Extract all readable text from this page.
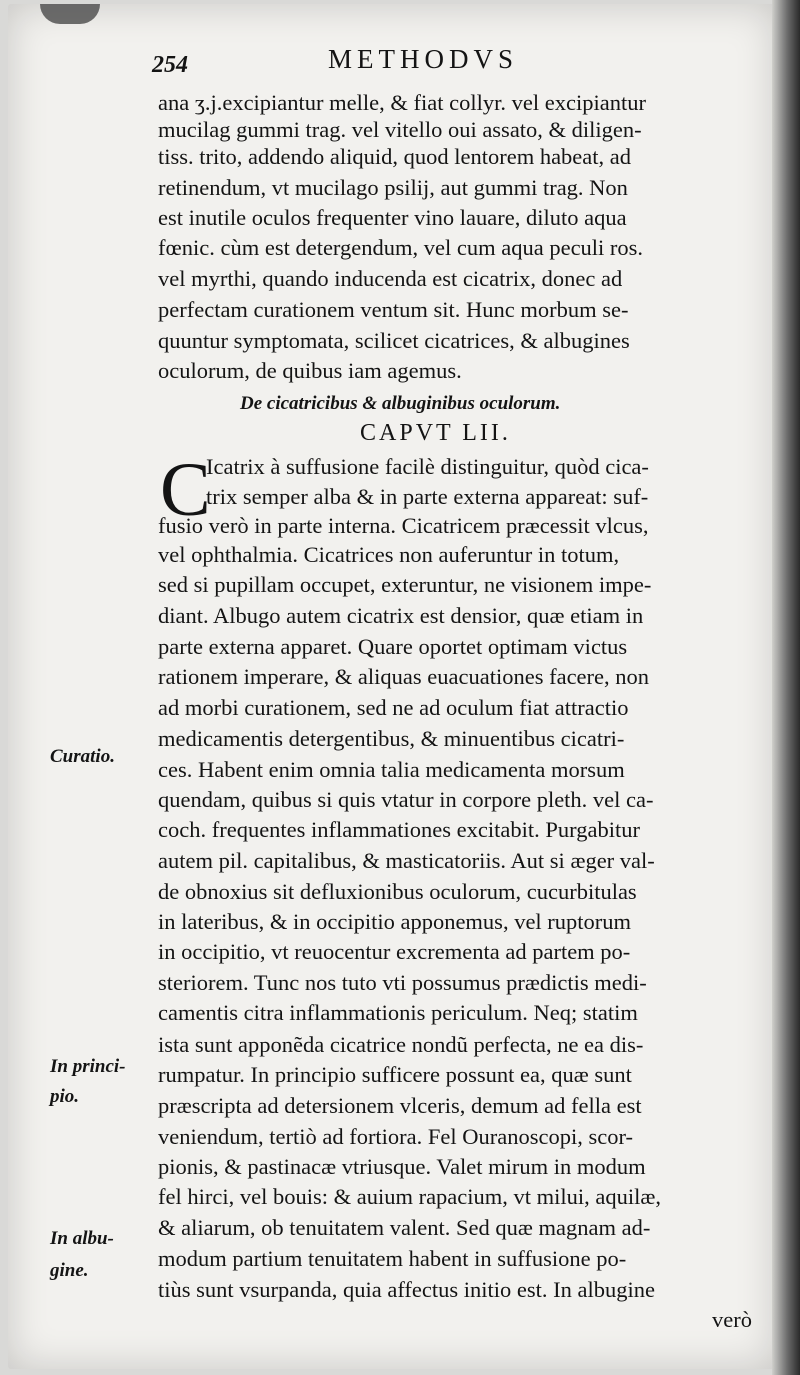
254	METHODVS
ana ʒ.j.excipiantur melle, & fiat collyr. vel excipiantur
mucilag gummi trag. vel vitello oui assato, & diligen-
tiss. trito, addendo aliquid, quod lentorem habeat, ad
retinendum, vt mucilago psilij, aut gummi trag. Non
est inutile oculos frequenter vino lauare, diluto aqua
fœnic. cùm est detergendum, vel cum aqua peculi ros.
vel myrthi, quando inducenda est cicatrix, donec ad
perfectam curationem ventum sit. Hunc morbum se-
quuntur symptomata, scilicet cicatrices, & albugines
oculorum, de quibus iam agemus.
De cicatricibus & albuginibus oculorum.
CAPVT LII.
C
Icatrix à suffusione facilè distinguitur, quòd cica-
trix semper alba & in parte externa appareat: suf-
fusio verò in parte interna. Cicatricem præcessit vlcus,
vel ophthalmia. Cicatrices non auferuntur in totum,
sed si pupillam occupet, exteruntur, ne visionem impe-
diant. Albugo autem cicatrix est densior, quæ etiam in
parte externa apparet. Quare oportet optimam victus
rationem imperare, & aliquas euacuationes facere, non
ad morbi curationem, sed ne ad oculum fiat attractio
medicamentis detergentibus, & minuentibus cicatri-
ces. Habent enim omnia talia medicamenta morsum
quendam, quibus si quis vtatur in corpore pleth. vel ca-
coch. frequentes inflammationes excitabit. Purgabitur
autem pil. capitalibus, & masticatoriis. Aut si æger val-
de obnoxius sit defluxionibus oculorum, cucurbitulas
in lateribus, & in occipitio apponemus, vel ruptorum
in occipitio, vt reuocentur excrementa ad partem po-
steriorem. Tunc nos tuto vti possumus prædictis medi-
camentis citra inflammationis periculum. Neq; statim
ista sunt apponẽda cicatrice nondũ perfecta, ne ea dis-
rumpatur. In principio sufficere possunt ea, quæ sunt
præscripta ad detersionem vlceris, demum ad fella est
veniendum, tertiò ad fortiora. Fel Ouranoscopi, scor-
pionis, & pastinacæ vtriusque. Valet mirum in modum
fel hirci, vel bouis: & auium rapacium, vt milui, aquilæ,
& aliarum, ob tenuitatem valent. Sed quæ magnam ad-
modum partium tenuitatem habent in suffusione po-
tiùs sunt vsurpanda, quia affectus initio est. In albugine
verò
Curatio.
In princi-
pio.
In albu-
gine.
